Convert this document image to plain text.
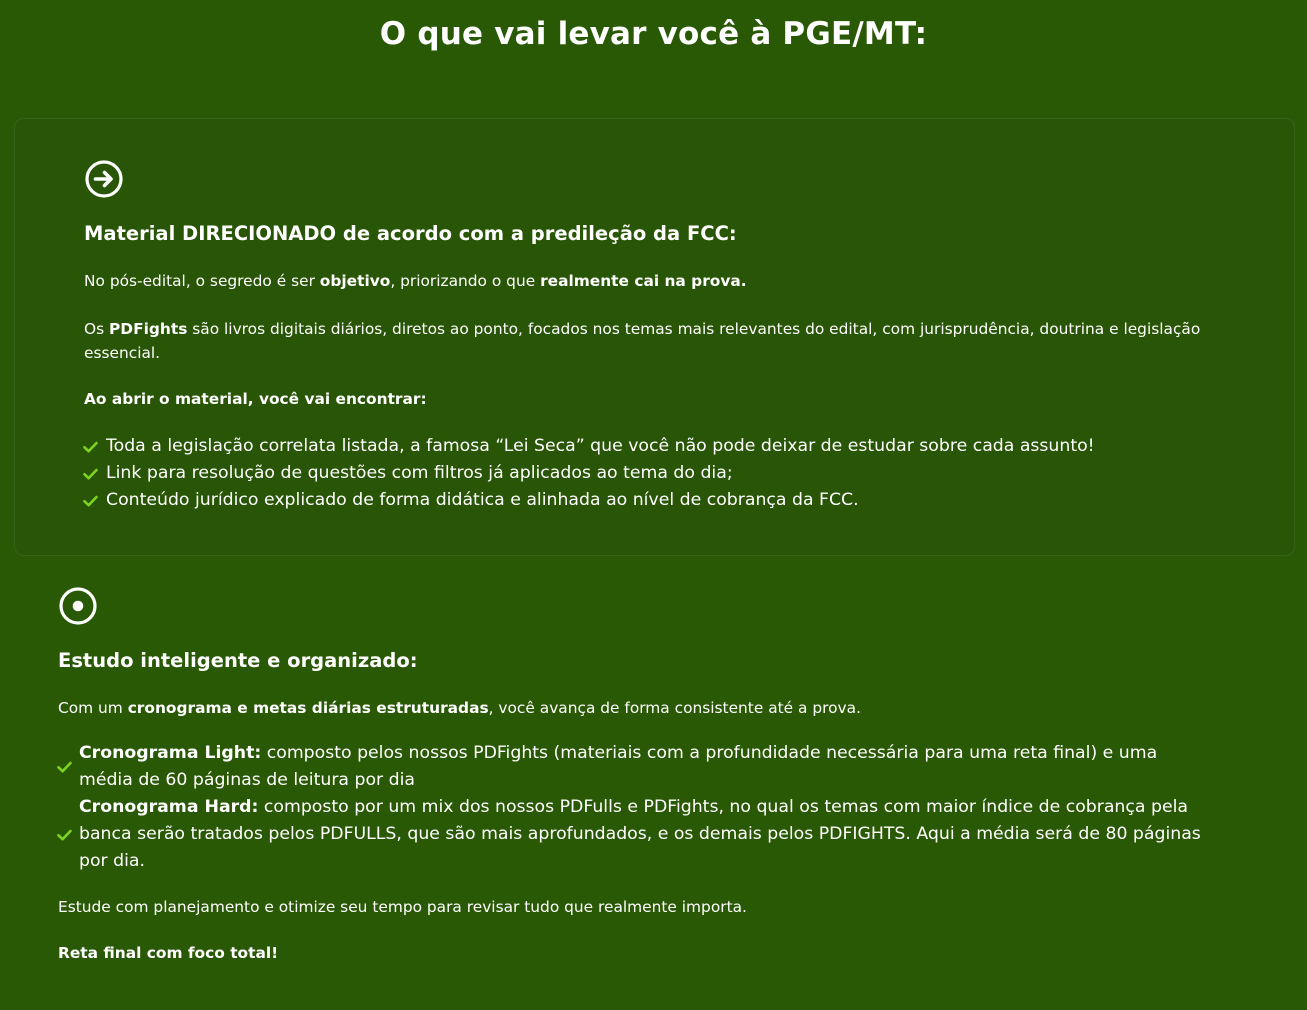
O que vai levar você à PGE/MT:
Material DIRECIONADO de acordo com a predileção da FCC:

No pós-edital, o segredo é ser objetivo, priorizando o que realmente cai na prova.

Os PDFights são livros digitais diários, diretos ao ponto, focados nos temas mais relevantes do edital, com jurisprudência, doutrina e legislação essencial.

Ao abrir o material, você vai encontrar:

Toda a legislação correlata listada, a famosa “Lei Seca” que você não pode deixar de estudar sobre cada assunto!
Link para resolução de questões com filtros já aplicados ao tema do dia;
Conteúdo jurídico explicado de forma didática e alinhada ao nível de cobrança da FCC.
Estudo inteligente e organizado:

Com um cronograma e metas diárias estruturadas, você avança de forma consistente até a prova.

Cronograma Light: composto pelos nossos PDFights (materiais com a profundidade necessária para uma reta final) e uma média de 60 páginas de leitura por dia
Cronograma Hard: composto por um mix dos nossos PDFulls e PDFights, no qual os temas com maior índice de cobrança pela banca serão tratados pelos PDFULLS, que são mais aprofundados, e os demais pelos PDFIGHTS. Aqui a média será de 80 páginas por dia.

Estude com planejamento e otimize seu tempo para revisar tudo que realmente importa.

Reta final com foco total!
